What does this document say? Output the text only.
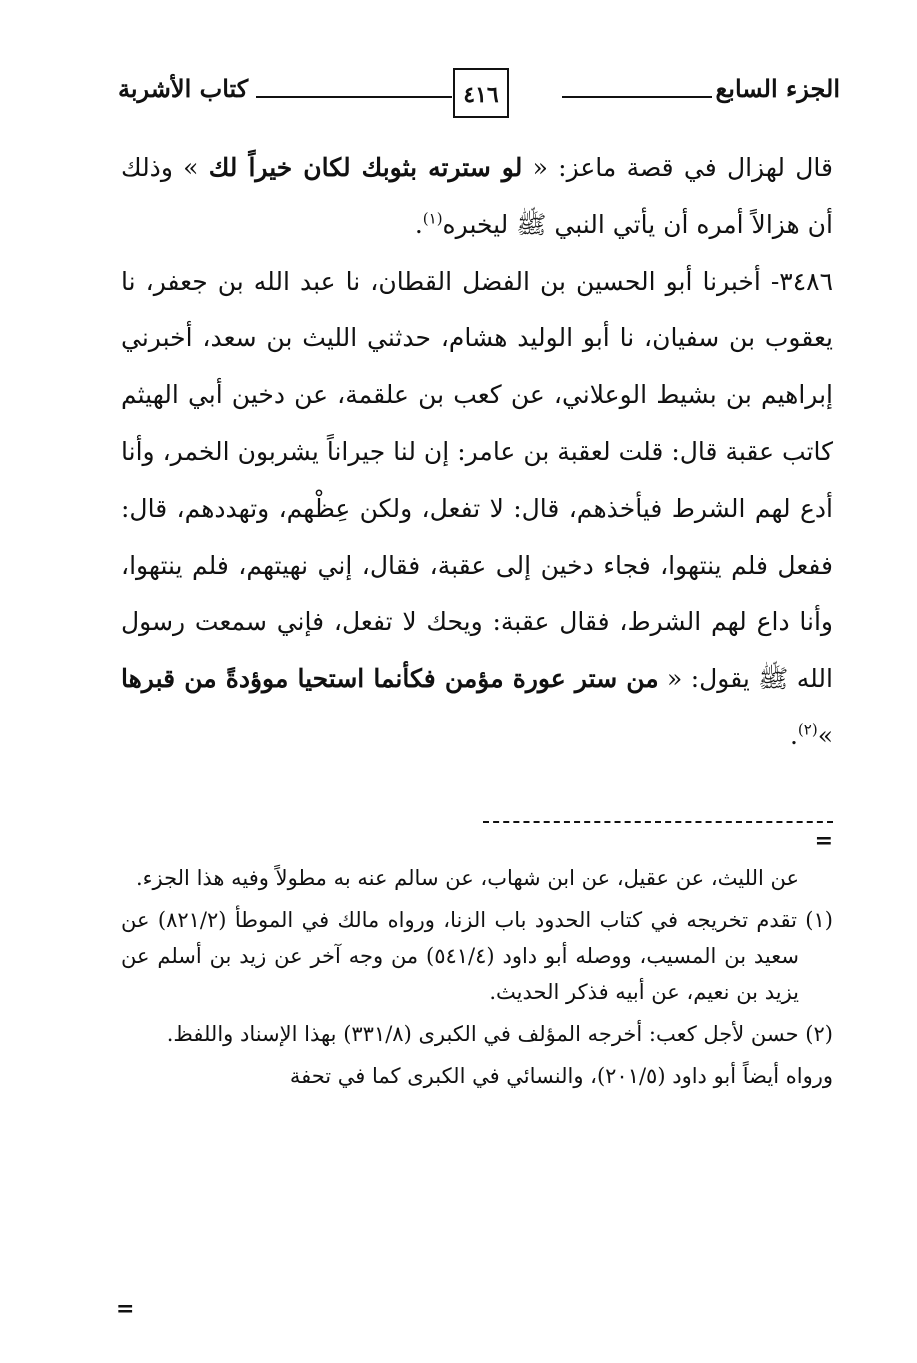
الجزء السابع
٤١٦
كتاب الأشربة

قال لهزال في قصة ماعز: « لو سترته بثوبك لكان خيراً لك » وذلك أن هزالاً أمره أن يأتي النبي ﷺ ليخبره$^{(١)}$.

٣٤٨٦- أخبرنا أبو الحسين بن الفضل القطان، نا عبد الله بن جعفر، نا يعقوب بن سفيان، نا أبو الوليد هشام، حدثني الليث بن سعد، أخبرني إبراهيم بن بشيط الوعلاني، عن كعب بن علقمة، عن دخين أبي الهيثم كاتب عقبة قال: قلت لعقبة بن عامر: إن لنا جيراناً يشربون الخمر، وأنا أدع لهم الشرط فيأخذهم، قال: لا تفعل، ولكن عِظْهم، وتهددهم، قال: ففعل فلم ينتهوا، فجاء دخين إلى عقبة، فقال، إني نهيتهم، فلم ينتهوا، وأنا داع لهم الشرط، فقال عقبة: ويحك لا تفعل، فإني سمعت رسول الله ﷺ يقول: « من ستر عورة مؤمن فكأنما استحيا موؤدةً من قبرها »$^{(٢)}$.

=

عن الليث، عن عقيل، عن ابن شهاب، عن سالم عنه به مطولاً وفيه هذا الجزء.

(١) تقدم تخريجه في كتاب الحدود باب الزنا، ورواه مالك في الموطأ (٨٢١/٢) عن سعيد بن المسيب، ووصله أبو داود (٥٤١/٤) من وجه آخر عن زيد بن أسلم عن يزيد بن نعيم، عن أبيه فذكر الحديث.

(٢) حسن لأجل كعب: أخرجه المؤلف في الكبرى (٣٣١/٨) بهذا الإسناد واللفظ.

ورواه أيضاً أبو داود (٢٠١/٥)، والنسائي في الكبرى كما في تحفة

=
